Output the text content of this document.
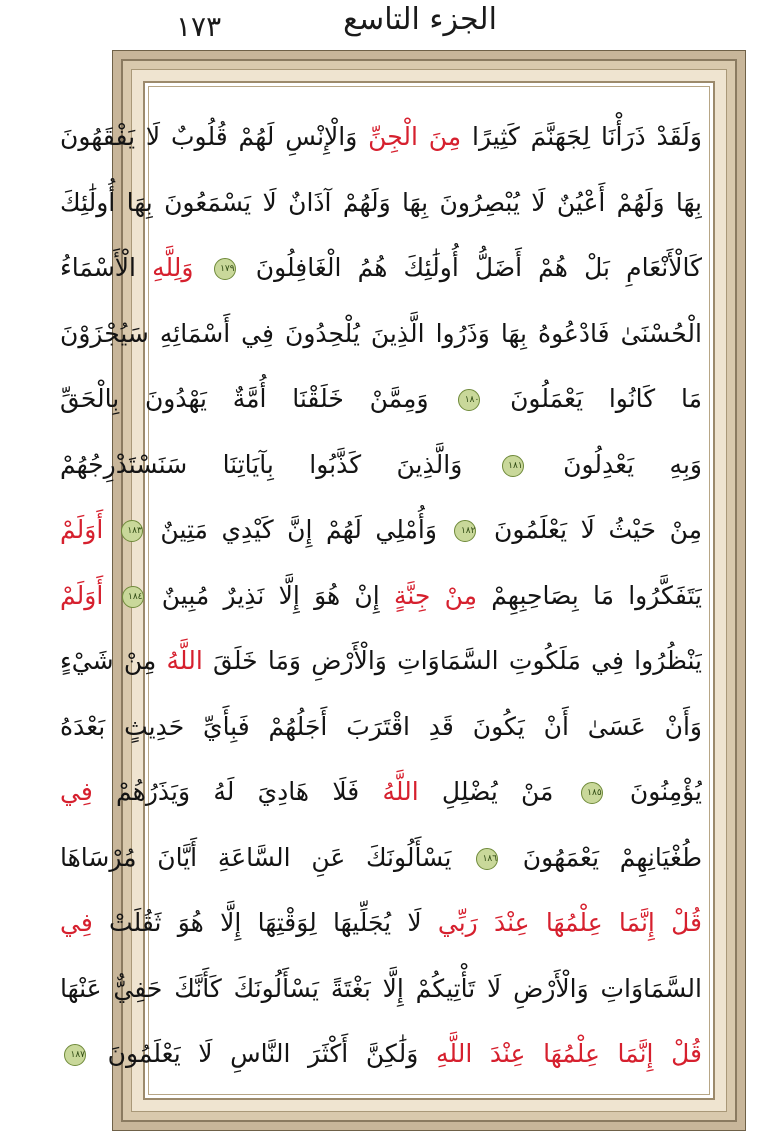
١٧٣	الجزء التاسع
وَلَقَدْ ذَرَأْنَا لِجَهَنَّمَ كَثِيرًا مِنَ الْجِنِّ وَالْإِنْسِ لَهُمْ قُلُوبٌ لَا يَفْقَهُونَ
بِهَا وَلَهُمْ أَعْيُنٌ لَا يُبْصِرُونَ بِهَا وَلَهُمْ آذَانٌ لَا يَسْمَعُونَ بِهَا أُولَٰئِكَ
كَالْأَنْعَامِ بَلْ هُمْ أَضَلُّ أُولَٰئِكَ هُمُ الْغَافِلُونَ ١٧٩ وَلِلَّهِ الْأَسْمَاءُ
الْحُسْنَىٰ فَادْعُوهُ بِهَا وَذَرُوا الَّذِينَ يُلْحِدُونَ فِي أَسْمَائِهِ سَيُجْزَوْنَ
مَا كَانُوا يَعْمَلُونَ ١٨٠ وَمِمَّنْ خَلَقْنَا أُمَّةٌ يَهْدُونَ بِالْحَقِّ
وَبِهِ يَعْدِلُونَ ١٨١ وَالَّذِينَ كَذَّبُوا بِآيَاتِنَا سَنَسْتَدْرِجُهُمْ
مِنْ حَيْثُ لَا يَعْلَمُونَ ١٨٢ وَأُمْلِي لَهُمْ إِنَّ كَيْدِي مَتِينٌ ١٨٣ أَوَلَمْ
يَتَفَكَّرُوا مَا بِصَاحِبِهِمْ مِنْ جِنَّةٍ إِنْ هُوَ إِلَّا نَذِيرٌ مُبِينٌ ١٨٤ أَوَلَمْ
يَنْظُرُوا فِي مَلَكُوتِ السَّمَاوَاتِ وَالْأَرْضِ وَمَا خَلَقَ اللَّهُ مِنْ شَيْءٍ
وَأَنْ عَسَىٰ أَنْ يَكُونَ قَدِ اقْتَرَبَ أَجَلُهُمْ فَبِأَيِّ حَدِيثٍ بَعْدَهُ
يُؤْمِنُونَ ١٨٥ مَنْ يُضْلِلِ اللَّهُ فَلَا هَادِيَ لَهُ وَيَذَرُهُمْ فِي
طُغْيَانِهِمْ يَعْمَهُونَ ١٨٦ يَسْأَلُونَكَ عَنِ السَّاعَةِ أَيَّانَ مُرْسَاهَا
قُلْ إِنَّمَا عِلْمُهَا عِنْدَ رَبِّي لَا يُجَلِّيهَا لِوَقْتِهَا إِلَّا هُوَ ثَقُلَتْ فِي
السَّمَاوَاتِ وَالْأَرْضِ لَا تَأْتِيكُمْ إِلَّا بَغْتَةً يَسْأَلُونَكَ كَأَنَّكَ حَفِيٌّ عَنْهَا
قُلْ إِنَّمَا عِلْمُهَا عِنْدَ اللَّهِ وَلَٰكِنَّ أَكْثَرَ النَّاسِ لَا يَعْلَمُونَ ١٨٧
